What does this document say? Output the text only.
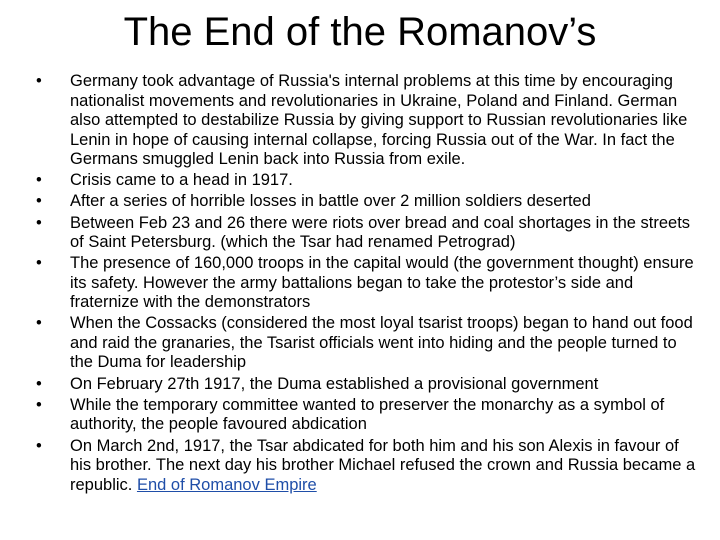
The End of the Romanov’s
•	Germany took advantage of Russia's internal problems at this time by encouraging nationalist movements and revolutionaries in Ukraine, Poland and Finland. German also attempted to destabilize Russia by giving support to Russian revolutionaries like Lenin in hope of causing internal collapse, forcing Russia out of the War. In fact the Germans smuggled Lenin back into Russia from exile.
•	Crisis came to a head in 1917.
•	After a series of horrible losses in battle over 2 million soldiers deserted
•	Between Feb 23 and 26 there were riots over bread and coal shortages in the streets of Saint Petersburg. (which the Tsar had renamed Petrograd)
•	The presence of 160,000 troops in the capital would (the government thought) ensure its safety. However the army battalions began to take the protestor’s side and fraternize with the demonstrators
•	When the Cossacks (considered the most loyal tsarist troops) began to hand out food and raid the granaries, the Tsarist officials went into hiding and the people turned to the Duma for leadership
•	On February 27th 1917, the Duma established a provisional government
•	While the temporary committee wanted to preserver the monarchy as a symbol of authority, the people favoured abdication
•	On March 2nd, 1917, the Tsar abdicated for both him and his son Alexis in favour of his brother. The next day his brother Michael refused the crown and Russia became a republic. End of Romanov Empire
